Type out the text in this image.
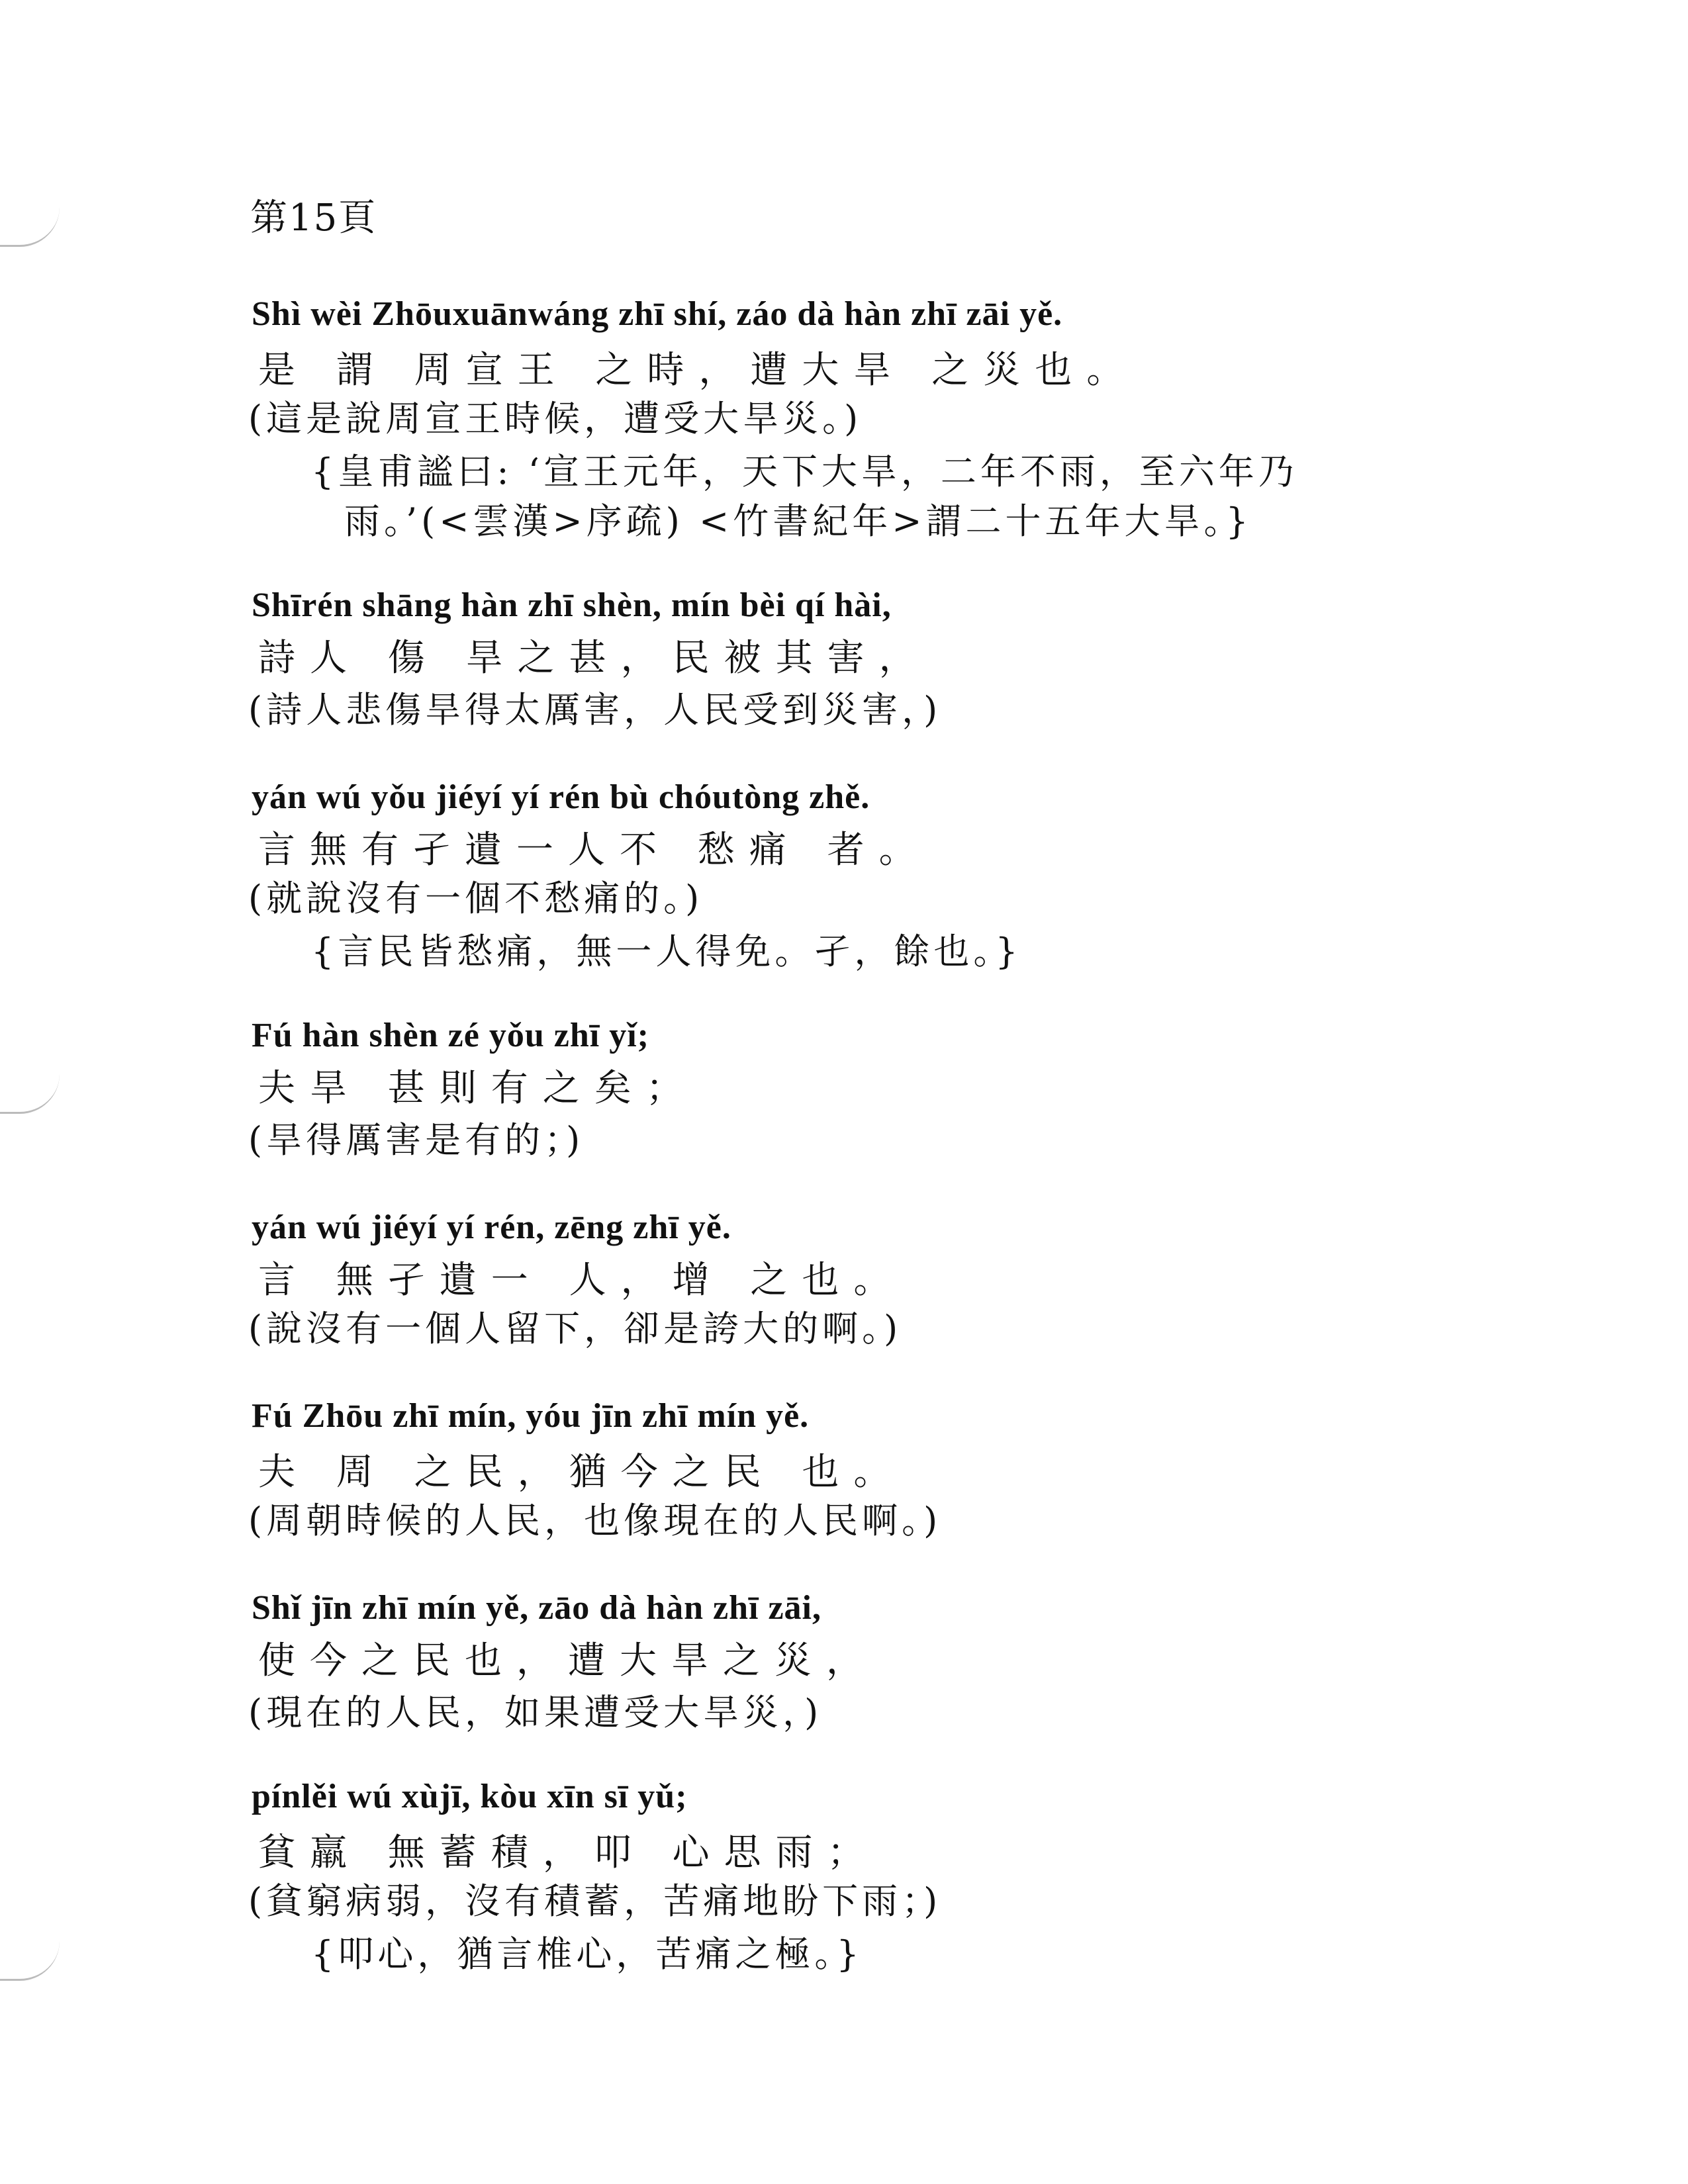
第15頁
Shì wèi Zhōuxuānwáng zhī shí, záo dà hàn zhī zāi yě.
是 謂 周宣王 之時，遭大旱 之災也。
(這是說周宣王時候，遭受大旱災。)
{皇甫謐曰: ‘宣王元年，天下大旱，二年不雨，至六年乃
雨。’(<雲漢>序疏) <竹書紀年>謂二十五年大旱。}
Shīrén shāng hàn zhī shèn, mín bèi qí hài,
詩人 傷 旱之甚，民被其害，
(詩人悲傷旱得太厲害，人民受到災害，)
yán wú yǒu jiéyí yí rén bù chóutòng zhě.
言無有孑遺一人不 愁痛 者。
(就說沒有一個不愁痛的。)
{言民皆愁痛，無一人得免。孑，餘也。}
Fú hàn shèn zé yǒu zhī yǐ;
夫旱 甚則有之矣；
(旱得厲害是有的；)
yán wú jiéyí yí rén, zēng zhī yě.
言 無孑遺一 人，增 之也。
(說沒有一個人留下，卻是誇大的啊。)
Fú Zhōu zhī mín, yóu jīn zhī mín yě.
夫 周 之民，猶今之民 也。
(周朝時候的人民，也像現在的人民啊。)
Shǐ jīn zhī mín yě, zāo dà hàn zhī zāi,
使今之民也，遭大旱之災，
(現在的人民，如果遭受大旱災，)
pínlěi wú xùjī, kòu xīn sī yǔ;
貧羸 無蓄積，叩 心思雨；
(貧窮病弱，沒有積蓄，苦痛地盼下雨；)
{叩心，猶言椎心，苦痛之極。}
